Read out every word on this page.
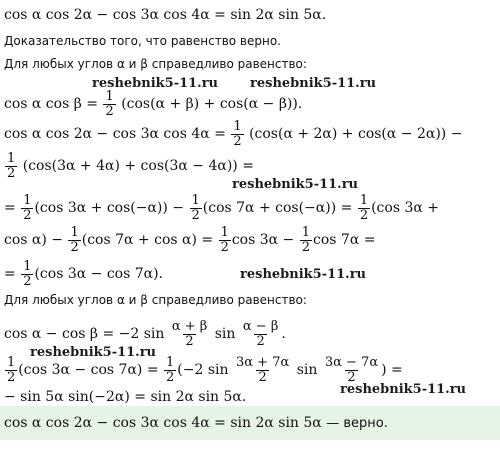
cos α cos 2α − cos 3α cos 4α = sin 2α sin 5α.
Доказательство того, что равенство верно.
Для любых углов α и β справедливо равенство:
reshebnik5-11.ru reshebnik5-11.ru
cos α $\cos \beta = \frac{1}{2} (\cos(\alpha + \beta) + \cos(\alpha - \beta))$.
cos α cos 2α − cos 3α $\cos 4\alpha = \frac{1}{2} (\cos(\alpha + 2\alpha) + \cos(\alpha - 2\alpha))$ −
$\frac{1}{2} (\cos(3\alpha + 4\alpha) + \cos(3\alpha - 4\alpha))$ =
reshebnik5-11.ru
= $\frac{1}{2} (\cos$ $3\alpha + \cos(-\alpha)) - \frac{1}{2} (\cos$ $7\alpha + \cos(-\alpha)) = \frac{1}{2} (\cos$ 3α +
$\cos \alpha) - \frac{1}{2} (\cos$ $7\alpha + \cos \alpha) = \frac{1}{2}$ $\cos 3\alpha - \frac{1}{2}$ cos 7α =
= $\frac{1}{2} (\cos$ 3α − cos 7α).	reshebnik5-11.ru
Для любых углов α и β справедливо равенство:
cos α − cos β = −2 $\sin \frac{\alpha + \beta}{2}$ $\sin \frac{\alpha - \beta}{2}$ .
reshebnik5-11.ru
$\frac{1}{2} (\cos$ $3\alpha - \cos 7\alpha) = \frac{1}{2} (-2$ $\sin \frac{3\alpha + 7\alpha}{2}$ $\sin \frac{3\alpha - 7\alpha}{2}$ ) =
reshebnik5-11.ru
− sin 5α sin(−2α) = sin 2α sin 5α.
cos α cos 2α − cos 3α cos 4α = sin 2α sin 5α — верно.
